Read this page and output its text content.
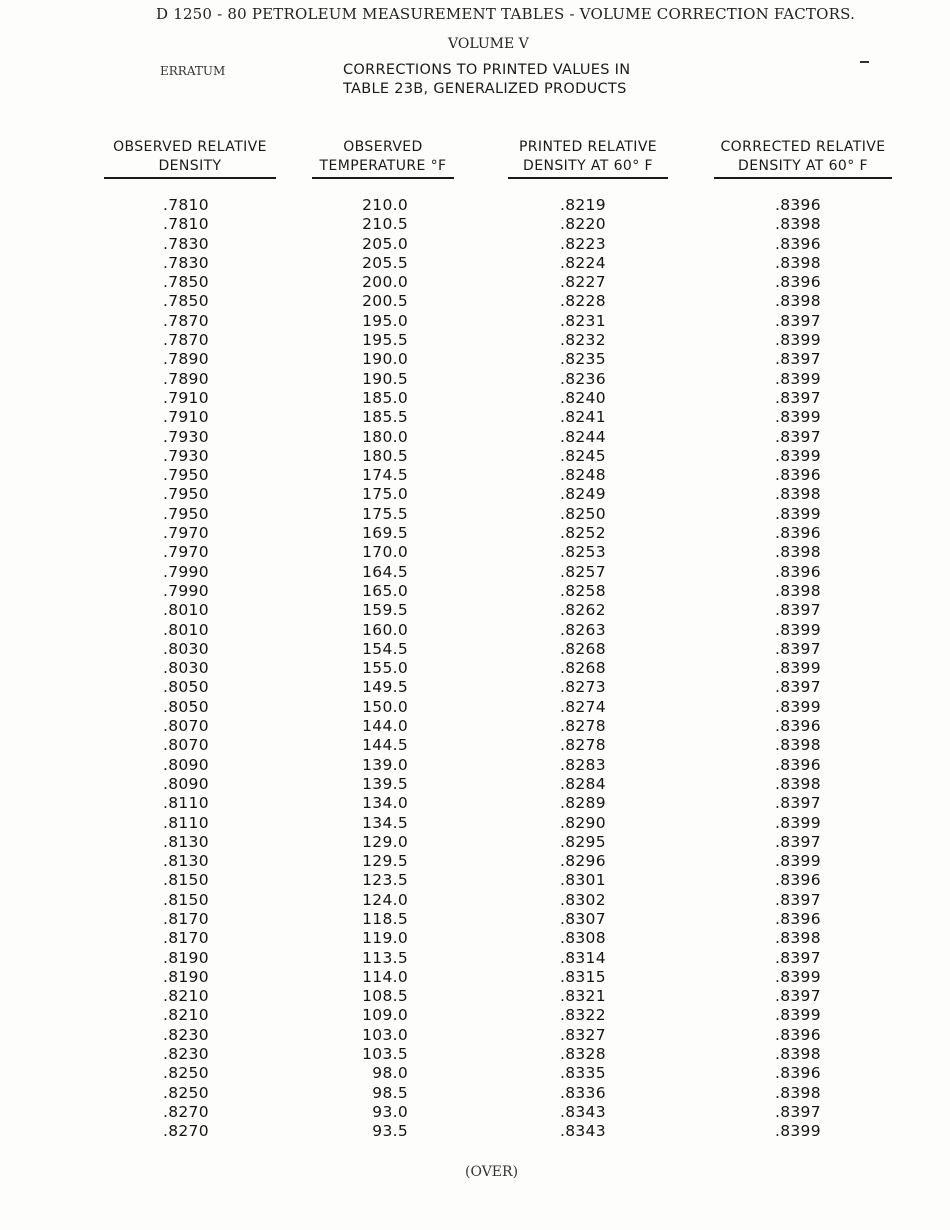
D 1250 - 80 PETROLEUM MEASUREMENT TABLES - VOLUME CORRECTION FACTORS.
VOLUME V
ERRATUM	CORRECTIONS TO PRINTED VALUES IN
TABLE 23B, GENERALIZED PRODUCTS
OBSERVED RELATIVE
DENSITY
OBSERVED
TEMPERATURE °F
PRINTED RELATIVE
DENSITY AT 60° F
CORRECTED RELATIVE
DENSITY AT 60° F
.7810
.7810
.7830
.7830
.7850
.7850
.7870
.7870
.7890
.7890
.7910
.7910
.7930
.7930
.7950
.7950
.7950
.7970
.7970
.7990
.7990
.8010
.8010
.8030
.8030
.8050
.8050
.8070
.8070
.8090
.8090
.8110
.8110
.8130
.8130
.8150
.8150
.8170
.8170
.8190
.8190
.8210
.8210
.8230
.8230
.8250
.8250
.8270
.8270
210.0
210.5
205.0
205.5
200.0
200.5
195.0
195.5
190.0
190.5
185.0
185.5
180.0
180.5
174.5
175.0
175.5
169.5
170.0
164.5
165.0
159.5
160.0
154.5
155.0
149.5
150.0
144.0
144.5
139.0
139.5
134.0
134.5
129.0
129.5
123.5
124.0
118.5
119.0
113.5
114.0
108.5
109.0
103.0
103.5
98.0
98.5
93.0
93.5
.8219
.8220
.8223
.8224
.8227
.8228
.8231
.8232
.8235
.8236
.8240
.8241
.8244
.8245
.8248
.8249
.8250
.8252
.8253
.8257
.8258
.8262
.8263
.8268
.8268
.8273
.8274
.8278
.8278
.8283
.8284
.8289
.8290
.8295
.8296
.8301
.8302
.8307
.8308
.8314
.8315
.8321
.8322
.8327
.8328
.8335
.8336
.8343
.8343
.8396
.8398
.8396
.8398
.8396
.8398
.8397
.8399
.8397
.8399
.8397
.8399
.8397
.8399
.8396
.8398
.8399
.8396
.8398
.8396
.8398
.8397
.8399
.8397
.8399
.8397
.8399
.8396
.8398
.8396
.8398
.8397
.8399
.8397
.8399
.8396
.8397
.8396
.8398
.8397
.8399
.8397
.8399
.8396
.8398
.8396
.8398
.8397
.8399
(OVER)
